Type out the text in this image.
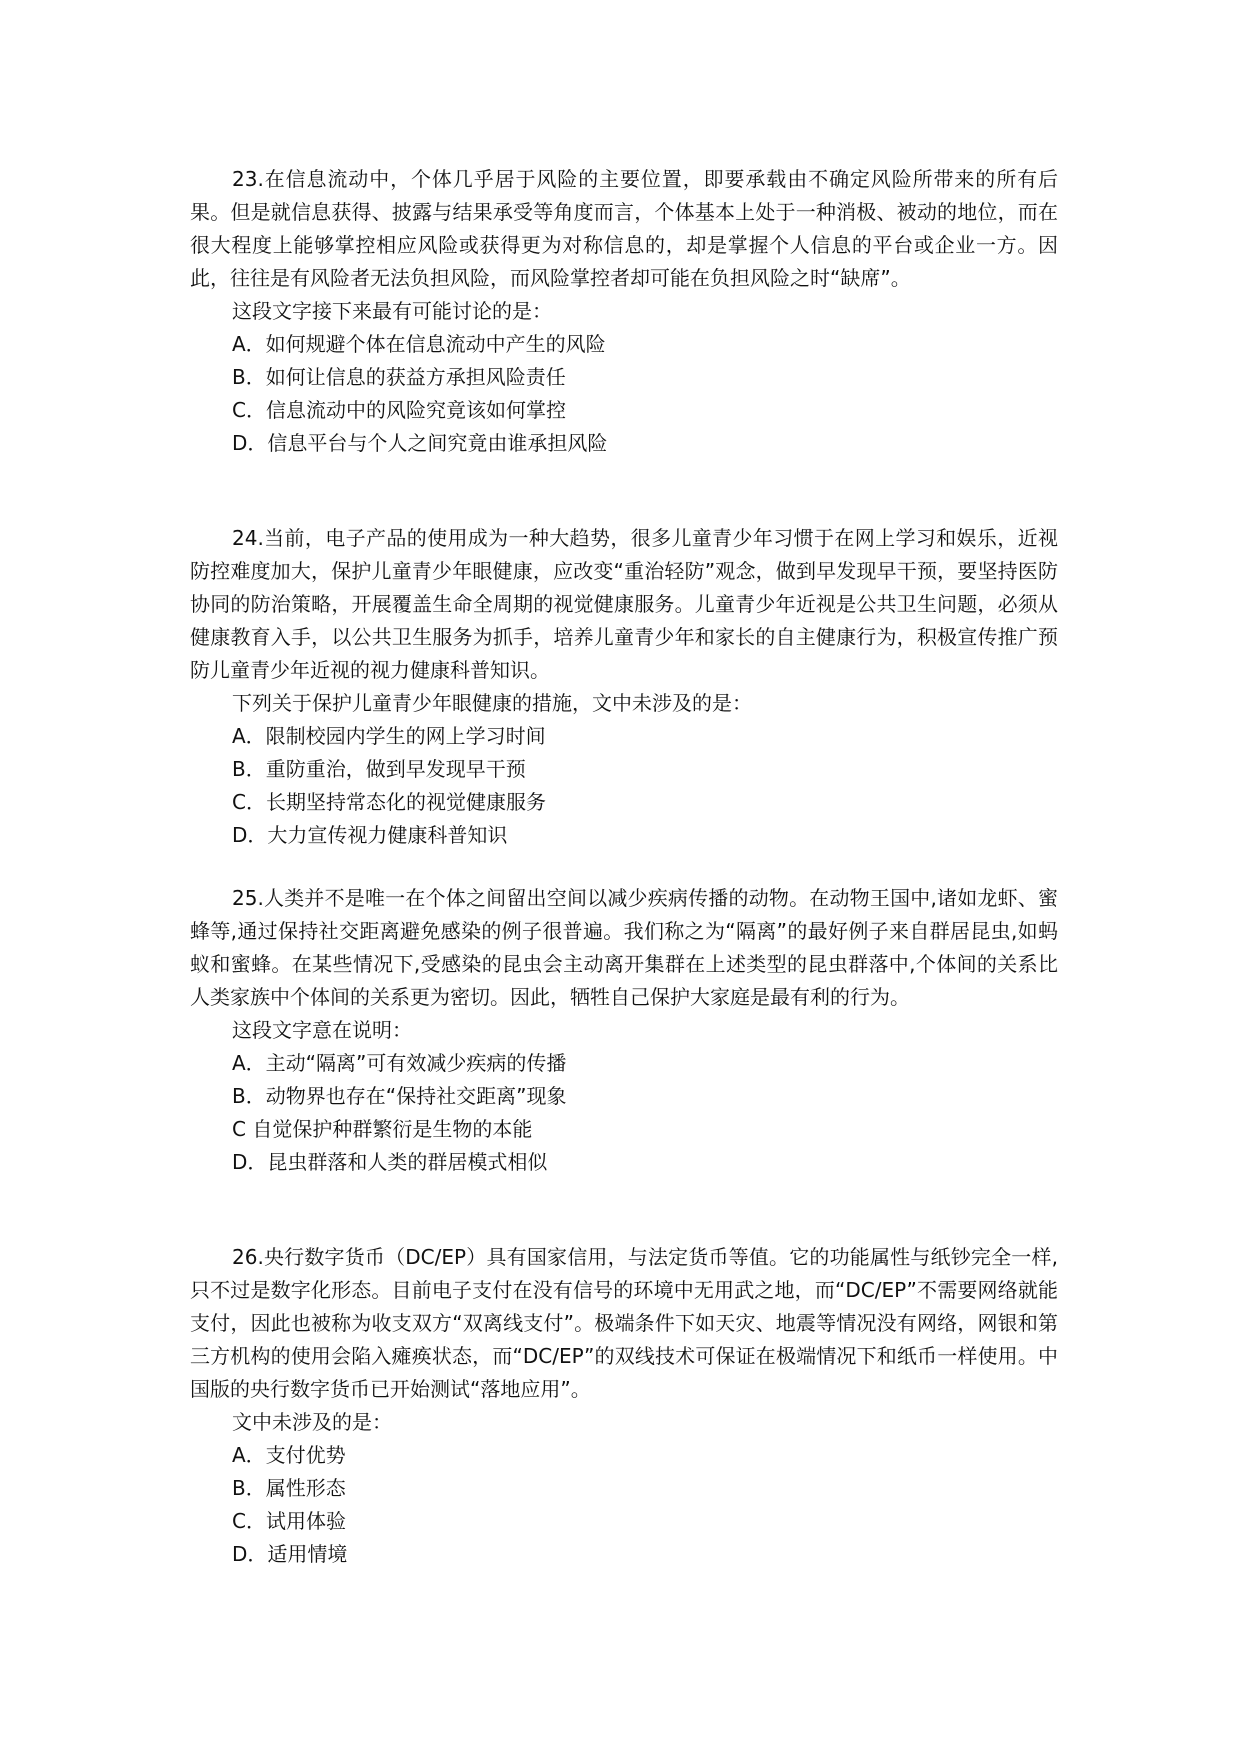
23.在信息流动中，个体几乎居于风险的主要位置，即要承载由不确定风险所带来的所有后果。但是就信息获得、披露与结果承受等角度而言，个体基本上处于一种消极、被动的地位，而在很大程度上能够掌控相应风险或获得更为对称信息的，却是掌握个人信息的平台或企业一方。因此，往往是有风险者无法负担风险，而风险掌控者却可能在负担风险之时“缺席”。

这段文字接下来最有可能讨论的是：

A．如何规避个体在信息流动中产生的风险
B．如何让信息的获益方承担风险责任
C．信息流动中的风险究竟该如何掌控
D．信息平台与个人之间究竟由谁承担风险

24.当前，电子产品的使用成为一种大趋势，很多儿童青少年习惯于在网上学习和娱乐，近视防控难度加大，保护儿童青少年眼健康，应改变“重治轻防”观念，做到早发现早干预，要坚持医防协同的防治策略，开展覆盖生命全周期的视觉健康服务。儿童青少年近视是公共卫生问题，必须从健康教育入手，以公共卫生服务为抓手，培养儿童青少年和家长的自主健康行为，积极宣传推广预防儿童青少年近视的视力健康科普知识。

下列关于保护儿童青少年眼健康的措施，文中未涉及的是：

A．限制校园内学生的网上学习时间
B．重防重治，做到早发现早干预
C．长期坚持常态化的视觉健康服务
D．大力宣传视力健康科普知识

25.人类并不是唯一在个体之间留出空间以减少疾病传播的动物。在动物王国中,诸如龙虾、蜜蜂等,通过保持社交距离避免感染的例子很普遍。我们称之为“隔离”的最好例子来自群居昆虫,如蚂蚁和蜜蜂。在某些情况下,受感染的昆虫会主动离开集群在上述类型的昆虫群落中,个体间的关系比人类家族中个体间的关系更为密切。因此，牺牲自己保护大家庭是最有利的行为。

这段文字意在说明：

A．主动“隔离”可有效减少疾病的传播
B．动物界也存在“保持社交距离”现象
C 自觉保护种群繁衍是生物的本能
D．昆虫群落和人类的群居模式相似

26.央行数字货币（DC/EP）具有国家信用，与法定货币等值。它的功能属性与纸钞完全一样,只不过是数字化形态。目前电子支付在没有信号的环境中无用武之地，而“DC/EP”不需要网络就能支付，因此也被称为收支双方“双离线支付”。极端条件下如天灾、地震等情况没有网络，网银和第三方机构的使用会陷入瘫痪状态，而“DC/EP”的双线技术可保证在极端情况下和纸币一样使用。中国版的央行数字货币已开始测试“落地应用”。

文中未涉及的是：

A．支付优势
B．属性形态
C．试用体验
D．适用情境
